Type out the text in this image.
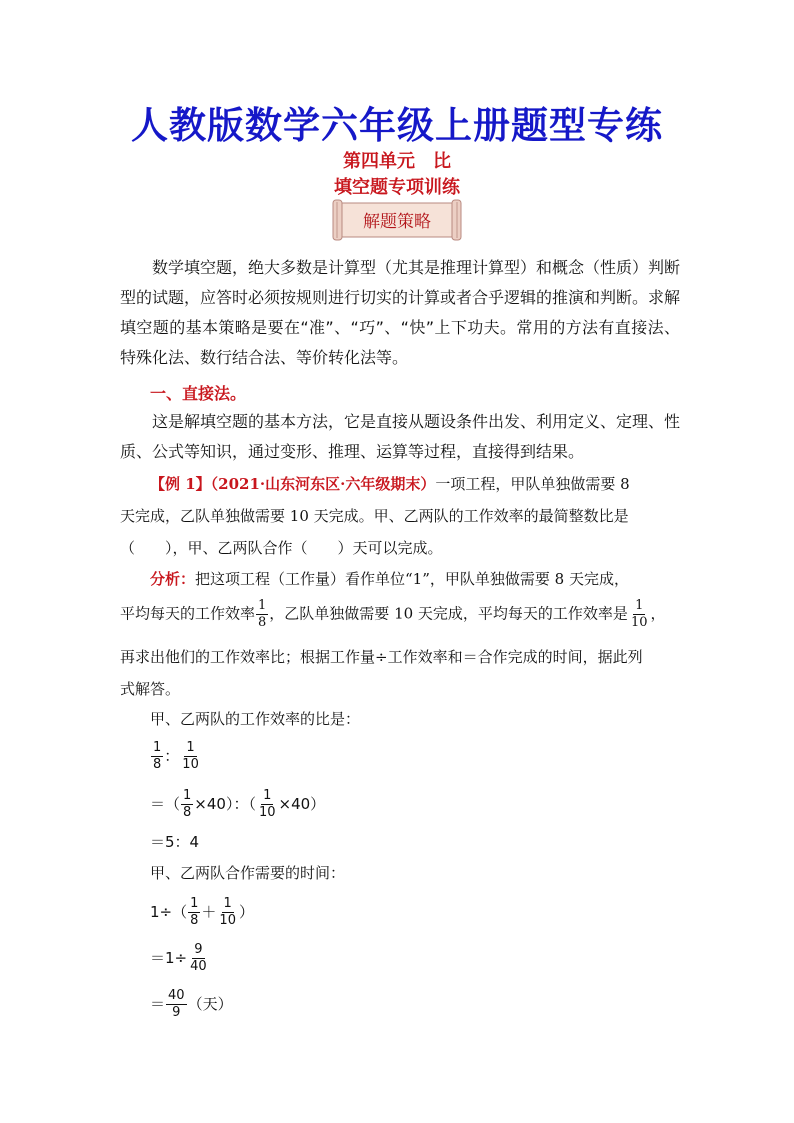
人教版数学六年级上册题型专练
第四单元　比
填空题专项训练
解题策略
数学填空题，绝大多数是计算型（尤其是推理计算型）和概念（性质）判断型的试题，应答时必须按规则进行切实的计算或者合乎逻辑的推演和判断。求解填空题的基本策略是要在“准”、“巧”、“快”上下功夫。常用的方法有直接法、特殊化法、数行结合法、等价转化法等。
一、直接法。
这是解填空题的基本方法，它是直接从题设条件出发、利用定义、定理、性质、公式等知识，通过变形、推理、运算等过程，直接得到结果。
【例 1】（2021·山东河东区·六年级期末）一项工程，甲队单独做需要 8
天完成，乙队单独做需要 10 天完成。甲、乙两队的工作效率的最简整数比是
（　　），甲、乙两队合作（　　）天可以完成。
分析：把这项工程（工作量）看作单位“1”，甲队单独做需要 8 天完成，
平均每天的工作效率 $\frac{1}{8}$ ，乙队单独做需要 10 天完成，平均每天的工作效率是 $\frac{1}{10}$ ，
再求出他们的工作效率比；根据工作量÷工作效率和＝合作完成的时间，据此列
式解答。
甲、乙两队的工作效率的比是：
$\frac{1}{8}$ ： $\frac{1}{10}$
＝（ $\frac{1}{8} \times 40$）：（ $\frac{1}{10} \times 40$）
＝5：4
甲、乙两队合作需要的时间：
$1\div( \frac{1}{8} + \frac{1}{10}$ ）
$=1\div \frac{9}{40}$
＝ $\frac{40}{9}$ （天）
